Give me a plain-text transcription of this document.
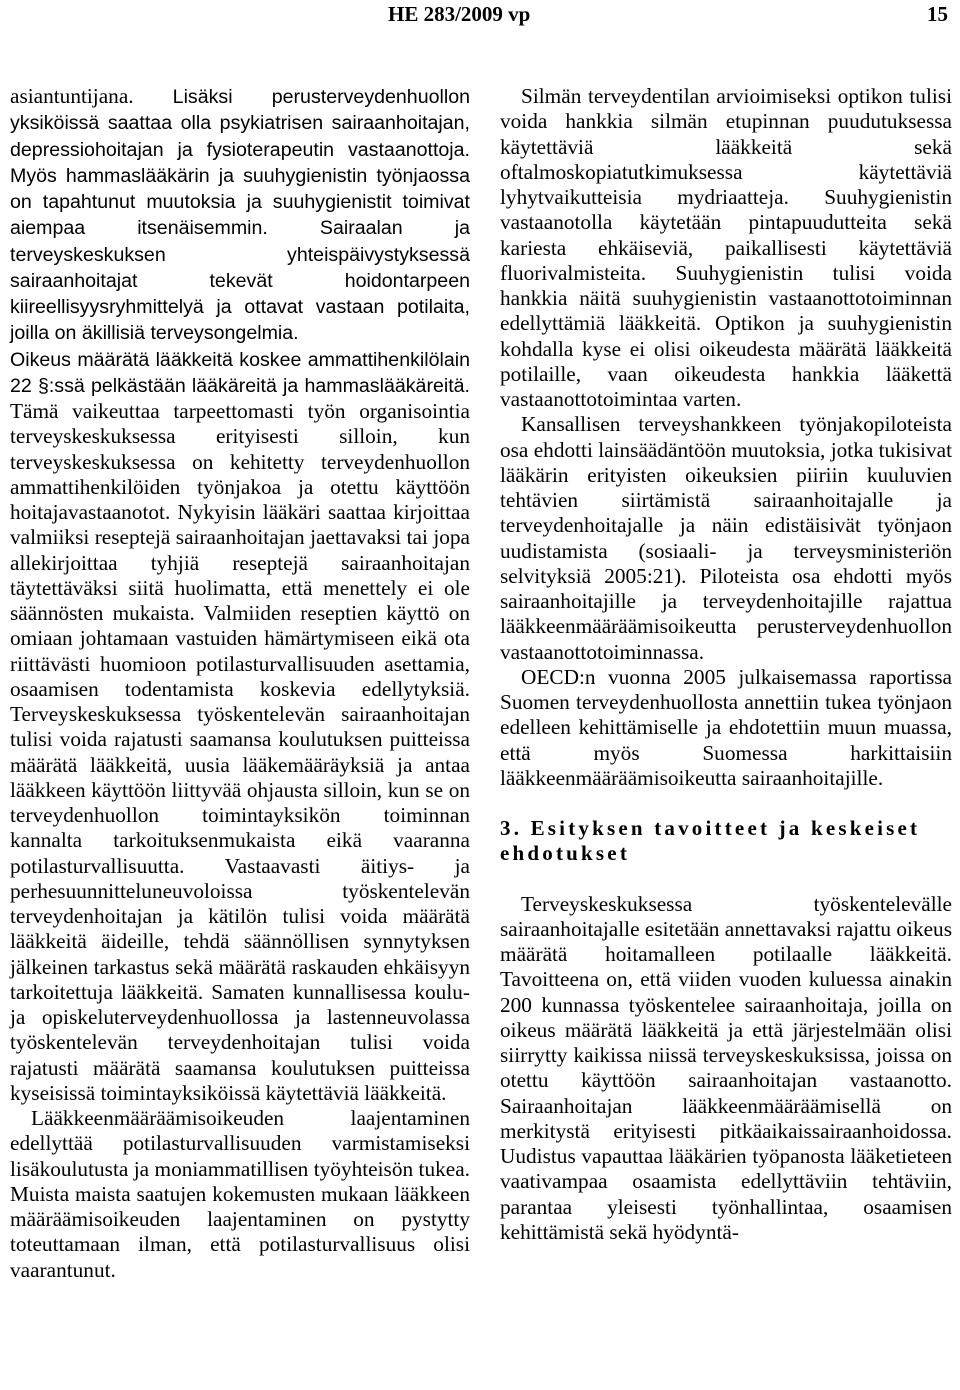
HE 283/2009 vp	15

asiantuntijana. Lisäksi perusterveydenhuollon yksiköissä saattaa olla psykiatrisen sairaanhoitajan, depressiohoitajan ja fysioterapeutin vastaanottoja. Myös hammaslääkärin ja suuhygienistin työnjaossa on tapahtunut muutoksia ja suuhygienistit toimivat aiempaa itsenäisemmin. Sairaalan ja terveyskeskuksen yhteispäivystyksessä sairaanhoitajat tekevät hoidontarpeen kiireellisyysryhmittelyä ja ottavat vastaan potilaita, joilla on äkillisiä terveysongelmia.

Oikeus määrätä lääkkeitä koskee ammattihenkilölain 22 §:ssä pelkästään lääkäreitä ja hammaslääkäreitä. Tämä vaikeuttaa tarpeettomasti työn organisointia terveyskeskuksessa erityisesti silloin, kun terveyskeskuksessa on kehitetty terveydenhuollon ammattihenkilöiden työnjakoa ja otettu käyttöön hoitajavastaanotot. Nykyisin lääkäri saattaa kirjoittaa valmiiksi reseptejä sairaanhoitajan jaettavaksi tai jopa allekirjoittaa tyhjiä reseptejä sairaanhoitajan täytettäväksi siitä huolimatta, että menettely ei ole säännösten mukaista. Valmiiden reseptien käyttö on omiaan johtamaan vastuiden hämärtymiseen eikä ota riittävästi huomioon potilasturvallisuuden asettamia, osaamisen todentamista koskevia edellytyksiä. Terveyskeskuksessa työskentelevän sairaanhoitajan tulisi voida rajatusti saamansa koulutuksen puitteissa määrätä lääkkeitä, uusia lääkemääräyksiä ja antaa lääkkeen käyttöön liittyvää ohjausta silloin, kun se on terveydenhuollon toimintayksikön toiminnan kannalta tarkoituksenmukaista eikä vaaranna potilasturvallisuutta. Vastaavasti äitiys- ja perhesuunnitteluneuvoloissa työskentelevän terveydenhoitajan ja kätilön tulisi voida määrätä lääkkeitä äideille, tehdä säännöllisen synnytyksen jälkeinen tarkastus sekä määrätä raskauden ehkäisyyn tarkoitettuja lääkkeitä. Samaten kunnallisessa koulu- ja opiskeluterveydenhuollossa ja lastenneuvolassa työskentelevän terveydenhoitajan tulisi voida rajatusti määrätä saamansa koulutuksen puitteissa kyseisissä toimintayksiköissä käytettäviä lääkkeitä.

Lääkkeenmääräämisoikeuden laajentaminen edellyttää potilasturvallisuuden varmistamiseksi lisäkoulutusta ja moniammatillisen työyhteisön tukea. Muista maista saatujen kokemusten mukaan lääkkeen määräämisoikeuden laajentaminen on pystytty toteuttamaan ilman, että potilasturvallisuus olisi vaarantunut.

Silmän terveydentilan arvioimiseksi optikon tulisi voida hankkia silmän etupinnan puudutuksessa käytettäviä lääkkeitä sekä oftalmoskopiatutkimuksessa käytettäviä lyhytvaikutteisia mydriaatteja. Suuhygienistin vastaanotolla käytetään pintapuudutteita sekä kariesta ehkäiseviä, paikallisesti käytettäviä fluorivalmisteita. Suuhygienistin tulisi voida hankkia näitä suuhygienistin vastaanottotoiminnan edellyttämiä lääkkeitä. Optikon ja suuhygienistin kohdalla kyse ei olisi oikeudesta määrätä lääkkeitä potilaille, vaan oikeudesta hankkia lääkettä vastaanottotoimintaa varten.

Kansallisen terveyshankkeen työnjakopiloteista osa ehdotti lainsäädäntöön muutoksia, jotka tukisivat lääkärin erityisten oikeuksien piiriin kuuluvien tehtävien siirtämistä sairaanhoitajalle ja terveydenhoitajalle ja näin edistäisivät työnjaon uudistamista (sosiaali- ja terveysministeriön selvityksiä 2005:21). Piloteista osa ehdotti myös sairaanhoitajille ja terveydenhoitajille rajattua lääkkeenmääräämisoikeutta perusterveydenhuollon vastaanottotoiminnassa.

OECD:n vuonna 2005 julkaisemassa raportissa Suomen terveydenhuollosta annettiin tukea työnjaon edelleen kehittämiselle ja ehdotettiin muun muassa, että myös Suomessa harkittaisiin lääkkeenmääräämisoikeutta sairaanhoitajille.

3. Esityksen tavoitteet ja keskeiset ehdotukset

Terveyskeskuksessa työskentelevälle sairaanhoitajalle esitetään annettavaksi rajattu oikeus määrätä hoitamalleen potilaalle lääkkeitä. Tavoitteena on, että viiden vuoden kuluessa ainakin 200 kunnassa työskentelee sairaanhoitaja, joilla on oikeus määrätä lääkkeitä ja että järjestelmään olisi siirrytty kaikissa niissä terveyskeskuksissa, joissa on otettu käyttöön sairaanhoitajan vastaanotto. Sairaanhoitajan lääkkeenmääräämisellä on merkitystä erityisesti pitkäaikaissairaanhoidossa. Uudistus vapauttaa lääkärien työpanosta lääketieteen vaativampaa osaamista edellyttäviin tehtäviin, parantaa yleisesti työnhallintaa, osaamisen kehittämistä sekä hyödyntä-
